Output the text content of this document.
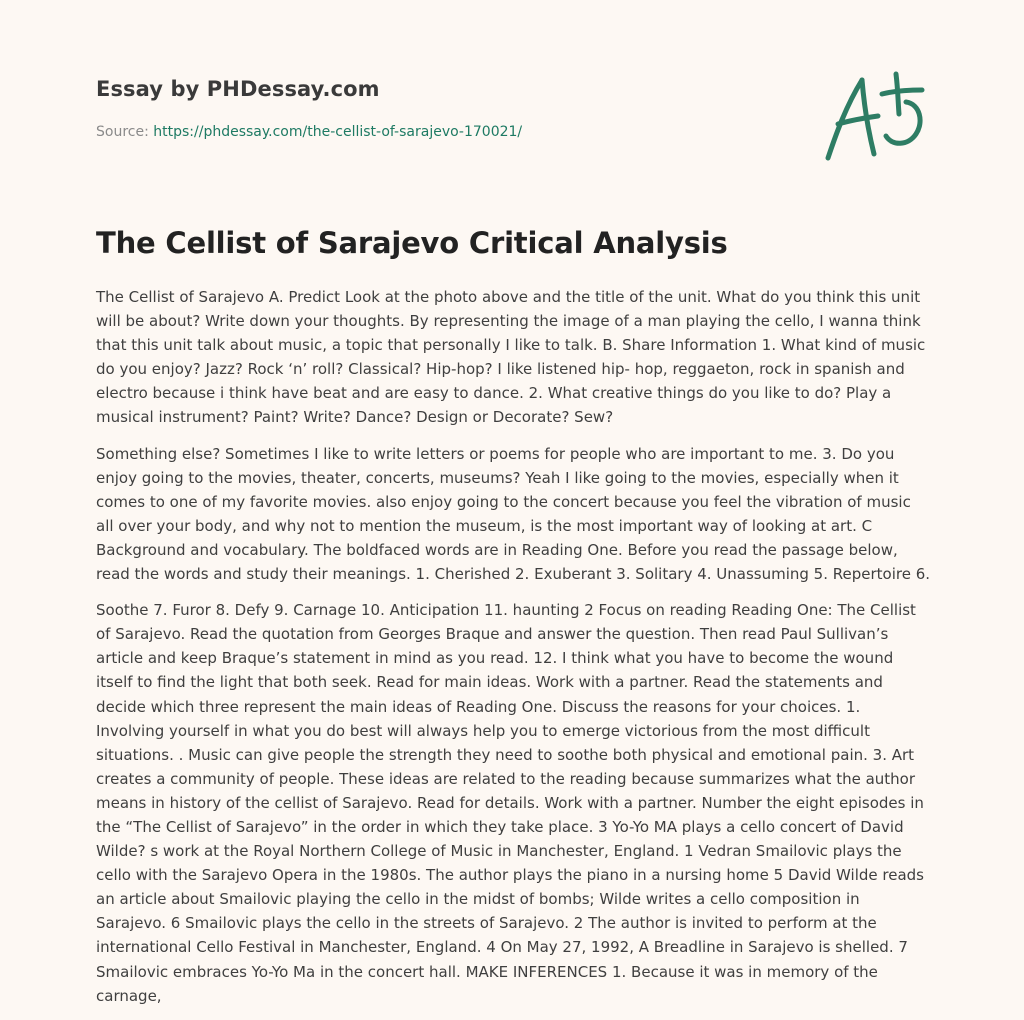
Essay by PHDessay.com
Source: https://phdessay.com/the-cellist-of-sarajevo-170021/
The Cellist of Sarajevo Critical Analysis

The Cellist of Sarajevo A. Predict Look at the photo above and the title of the unit. What do you think this unit will be about? Write down your thoughts. By representing the image of a man playing the cello, I wanna think that this unit talk about music, a topic that personally I like to talk. B. Share Information 1. What kind of music do you enjoy? Jazz? Rock ‘n’ roll? Classical? Hip-hop? I like listened hip- hop, reggaeton, rock in spanish and electro because i think have beat and are easy to dance. 2. What creative things do you like to do? Play a musical instrument? Paint? Write? Dance? Design or Decorate? Sew?

Something else? Sometimes I like to write letters or poems for people who are important to me. 3. Do you enjoy going to the movies, theater, concerts, museums? Yeah I like going to the movies, especially when it comes to one of my favorite movies. also enjoy going to the concert because you feel the vibration of music all over your body, and why not to mention the museum, is the most important way of looking at art. C Background and vocabulary. The boldfaced words are in Reading One. Before you read the passage below, read the words and study their meanings. 1. Cherished 2. Exuberant 3. Solitary 4. Unassuming 5. Repertoire 6.

Soothe 7. Furor 8. Defy 9. Carnage 10. Anticipation 11. haunting 2 Focus on reading Reading One: The Cellist of Sarajevo. Read the quotation from Georges Braque and answer the question. Then read Paul Sullivan’s article and keep Braque’s statement in mind as you read. 12. I think what you have to become the wound itself to find the light that both seek. Read for main ideas. Work with a partner. Read the statements and decide which three represent the main ideas of Reading One. Discuss the reasons for your choices. 1. Involving yourself in what you do best will always help you to emerge victorious from the most difficult situations. . Music can give people the strength they need to soothe both physical and emotional pain. 3. Art creates a community of people. These ideas are related to the reading because summarizes what the author means in history of the cellist of Sarajevo. Read for details. Work with a partner. Number the eight episodes in the “The Cellist of Sarajevo” in the order in which they take place. 3 Yo-Yo MA plays a cello concert of David Wilde? s work at the Royal Northern College of Music in Manchester, England. 1 Vedran Smailovic plays the cello with the Sarajevo Opera in the 1980s. The author plays the piano in a nursing home 5 David Wilde reads an article about Smailovic playing the cello in the midst of bombs; Wilde writes a cello composition in Sarajevo. 6 Smailovic plays the cello in the streets of Sarajevo. 2 The author is invited to perform at the international Cello Festival in Manchester, England. 4 On May 27, 1992, A Breadline in Sarajevo is shelled. 7 Smailovic embraces Yo-Yo Ma in the concert hall. MAKE INFERENCES 1. Because it was in memory of the carnage,
